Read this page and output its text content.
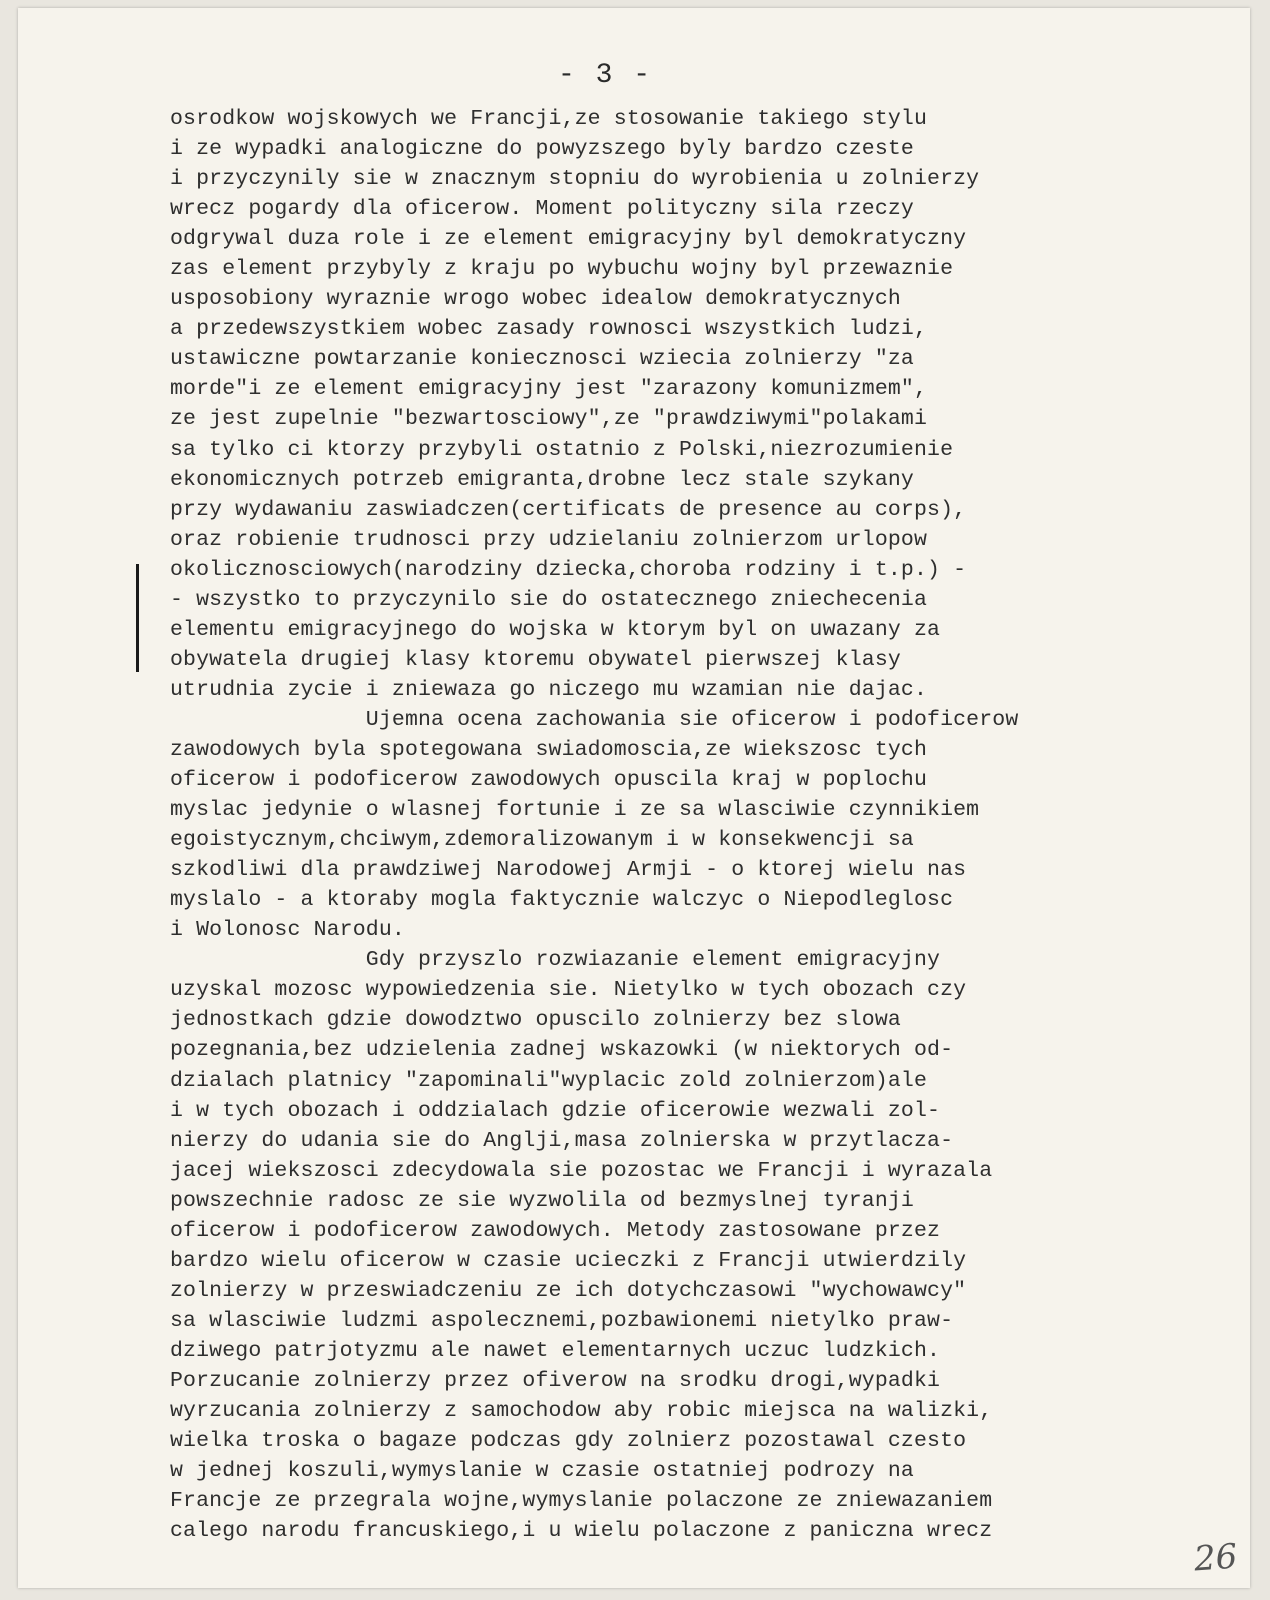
- 3 -
osrodkow wojskowych we Francji,ze stosowanie takiego stylu
i ze wypadki analogiczne do powyzszego byly bardzo czeste
i przyczynily sie w znacznym stopniu do wyrobienia u zolnierzy
wrecz pogardy dla oficerow. Moment polityczny sila rzeczy
odgrywal duza role i ze element emigracyjny byl demokratyczny
zas element przybyly z kraju po wybuchu wojny byl przewaznie
usposobiony wyraznie wrogo wobec idealow demokratycznych
a przedewszystkiem wobec zasady rownosci wszystkich ludzi,
ustawiczne powtarzanie koniecznosci wziecia zolnierzy "za
morde"i ze element emigracyjny jest "zarazony komunizmem",
ze jest zupelnie "bezwartosciowy",ze "prawdziwymi"polakami
sa tylko ci ktorzy przybyli ostatnio z Polski,niezrozumienie
ekonomicznych potrzeb emigranta,drobne lecz stale szykany
przy wydawaniu zaswiadczen(certificats de presence au corps),
oraz robienie trudnosci przy udzielaniu zolnierzom urlopow
okolicznosciowych(narodziny dziecka,choroba rodziny i t.p.) -
- wszystko to przyczynilo sie do ostatecznego zniechecenia
elementu emigracyjnego do wojska w ktorym byl on uwazany za
obywatela drugiej klasy ktoremu obywatel pierwszej klasy
utrudnia zycie i zniewaza go niczego mu wzamian nie dajac.
Ujemna ocena zachowania sie oficerow i podoficerow
zawodowych byla spotegowana swiadomoscia,ze wiekszosc tych
oficerow i podoficerow zawodowych opuscila kraj w poplochu
myslac jedynie o wlasnej fortunie i ze sa wlasciwie czynnikiem
egoistycznym,chciwym,zdemoralizowanym i w konsekwencji sa
szkodliwi dla prawdziwej Narodowej Armji - o ktorej wielu nas
myslalo - a ktoraby mogla faktycznie walczyc o Niepodleglosc
i Wolonosc Narodu.
Gdy przyszlo rozwiazanie element emigracyjny
uzyskal mozosc wypowiedzenia sie. Nietylko w tych obozach czy
jednostkach gdzie dowodztwo opuscilo zolnierzy bez slowa
pozegnania,bez udzielenia zadnej wskazowki (w niektorych od-
dzialach platnicy "zapominali"wyplacic zold zolnierzom)ale
i w tych obozach i oddzialach gdzie oficerowie wezwali zol-
nierzy do udania sie do Anglji,masa zolnierska w przytlacza-
jacej wiekszosci zdecydowala sie pozostac we Francji i wyrazala
powszechnie radosc ze sie wyzwolila od bezmyslnej tyranji
oficerow i podoficerow zawodowych. Metody zastosowane przez
bardzo wielu oficerow w czasie ucieczki z Francji utwierdzily
zolnierzy w przeswiadczeniu ze ich dotychczasowi "wychowawcy"
sa wlasciwie ludzmi aspolecznemi,pozbawionemi nietylko praw-
dziwego patrjotyzmu ale nawet elementarnych uczuc ludzkich.
Porzucanie zolnierzy przez ofiverow na srodku drogi,wypadki
wyrzucania zolnierzy z samochodow aby robic miejsca na walizki,
wielka troska o bagaze podczas gdy zolnierz pozostawal czesto
w jednej koszuli,wymyslanie w czasie ostatniej podrozy na
Francje ze przegrala wojne,wymyslanie polaczone ze zniewazaniem
calego narodu francuskiego,i u wielu polaczone z paniczna wrecz
26
